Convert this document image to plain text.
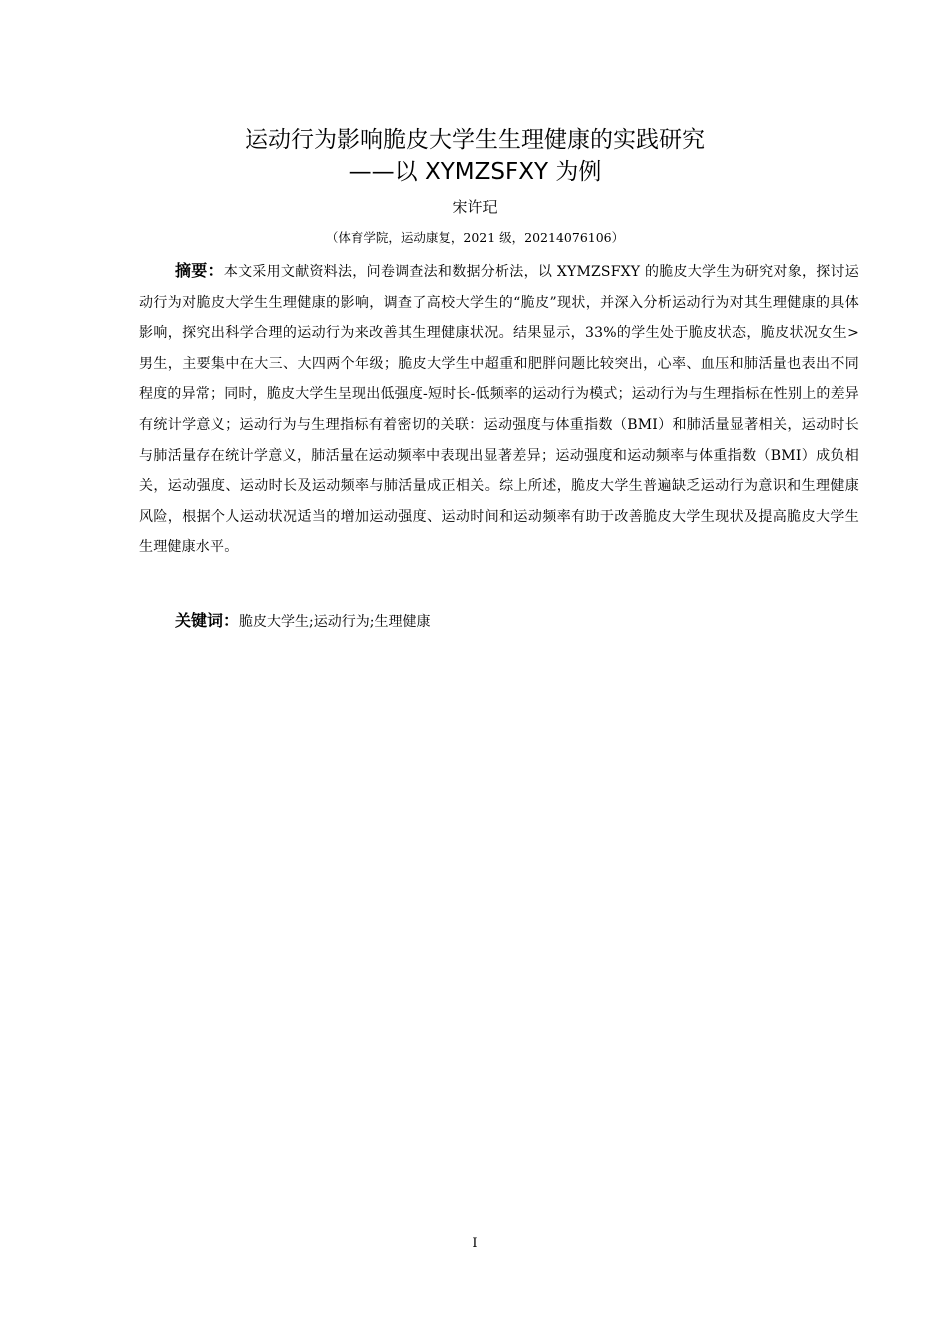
运动行为影响脆皮大学生生理健康的实践研究
——以 XYMZSFXY 为例
宋许玘
（体育学院，运动康复，2021 级，20214076106）

摘要：本文采用文献资料法，问卷调查法和数据分析法，以 XYMZSFXY 的脆皮大学生为研究对象，探讨运动行为对脆皮大学生生理健康的影响，调查了高校大学生的“脆皮”现状，并深入分析运动行为对其生理健康的具体影响，探究出科学合理的运动行为来改善其生理健康状况。结果显示，33%的学生处于脆皮状态，脆皮状况女生>男生，主要集中在大三、大四两个年级；脆皮大学生中超重和肥胖问题比较突出，心率、血压和肺活量也表出不同程度的异常；同时，脆皮大学生呈现出低强度-短时长-低频率的运动行为模式；运动行为与生理指标在性别上的差异有统计学意义；运动行为与生理指标有着密切的关联：运动强度与体重指数（BMI）和肺活量显著相关，运动时长与肺活量存在统计学意义，肺活量在运动频率中表现出显著差异；运动强度和运动频率与体重指数（BMI）成负相关，运动强度、运动时长及运动频率与肺活量成正相关。综上所述，脆皮大学生普遍缺乏运动行为意识和生理健康风险，根据个人运动状况适当的增加运动强度、运动时间和运动频率有助于改善脆皮大学生现状及提高脆皮大学生生理健康水平。

关键词：脆皮大学生;运动行为;生理健康

I
